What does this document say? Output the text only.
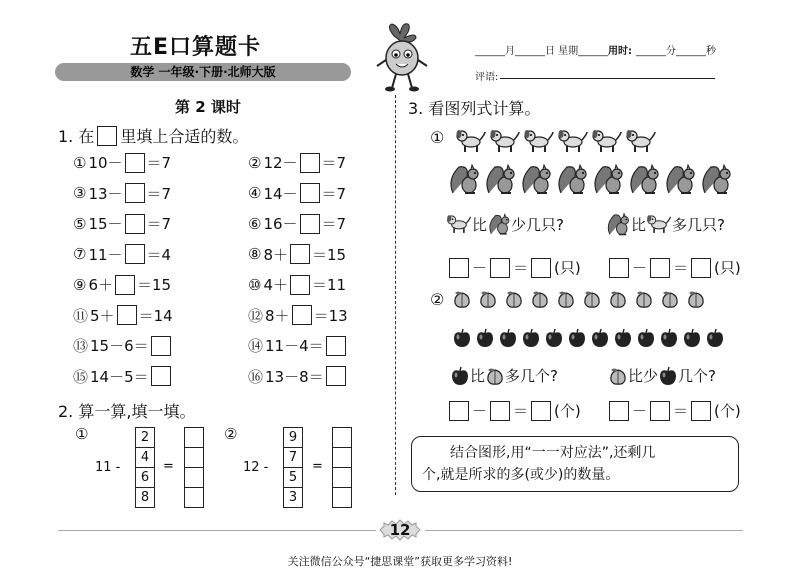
五E口算题卡
数学 一年级·下册·北师大版
______月______日 星期______ 用时: ______分______秒
评语:
第 2 课时
1. 在 里填上合适的数。
① 10－ ＝7	② 12－ ＝7
③ 13－ ＝7	④ 14－ ＝7
⑤ 15－ ＝7	⑥ 16－ ＝7
⑦ 11－ ＝4	⑧ 8＋ ＝15
⑨ 6＋ ＝15	⑩ 4＋ ＝11
⑪ 5＋ ＝14	⑫ 8＋ ＝13
⑬ 15－6＝	⑭ 11－4＝
⑮ 14－5＝	⑯ 13－8＝
2. 算一算,填一填。
①
11 -
2
4
6
8
=
②
12 -
9
7
5
3
=
3. 看图列式计算。
①
比 少几只?	比 多几只?
－ ＝ (只)	－ ＝ (只)
②
比 多几个?	比少 几个?
－ ＝ (个)	－ ＝ (个)
结合图形,用“一一对应法”,还剩几
个,就是所求的多(或少)的数量。
12
关注微信公众号“捷思课堂”获取更多学习资料!
